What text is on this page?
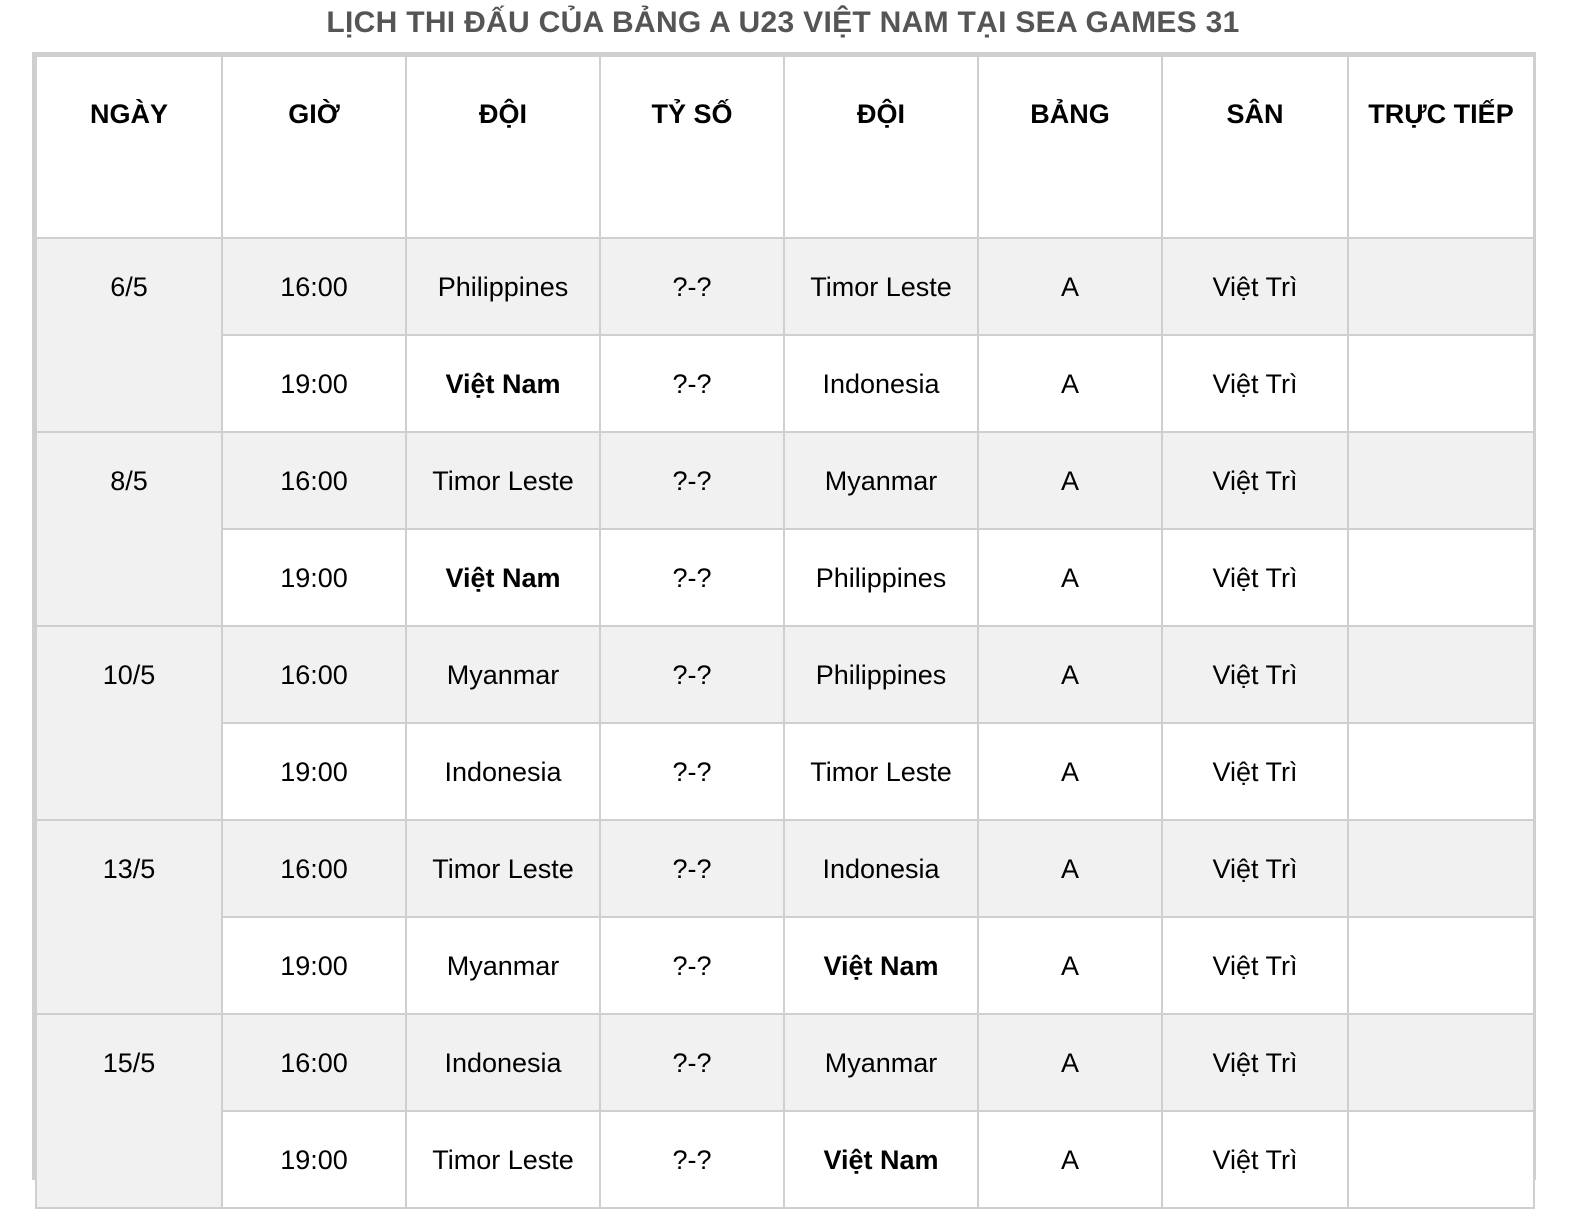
LỊCH THI ĐẤU CỦA BẢNG A U23 VIỆT NAM TẠI SEA GAMES 31
NGÀY	GIỜ	ĐỘI	TỶ SỐ	ĐỘI	BẢNG	SÂN	TRỰC TIẾP
6/5	16:00	Philippines	?-?	Timor Leste	A	Việt Trì	
	19:00	Việt Nam	?-?	Indonesia	A	Việt Trì	
8/5	16:00	Timor Leste	?-?	Myanmar	A	Việt Trì	
	19:00	Việt Nam	?-?	Philippines	A	Việt Trì	
10/5	16:00	Myanmar	?-?	Philippines	A	Việt Trì	
	19:00	Indonesia	?-?	Timor Leste	A	Việt Trì	
13/5	16:00	Timor Leste	?-?	Indonesia	A	Việt Trì	
	19:00	Myanmar	?-?	Việt Nam	A	Việt Trì	
15/5	16:00	Indonesia	?-?	Myanmar	A	Việt Trì	
	19:00	Timor Leste	?-?	Việt Nam	A	Việt Trì	
